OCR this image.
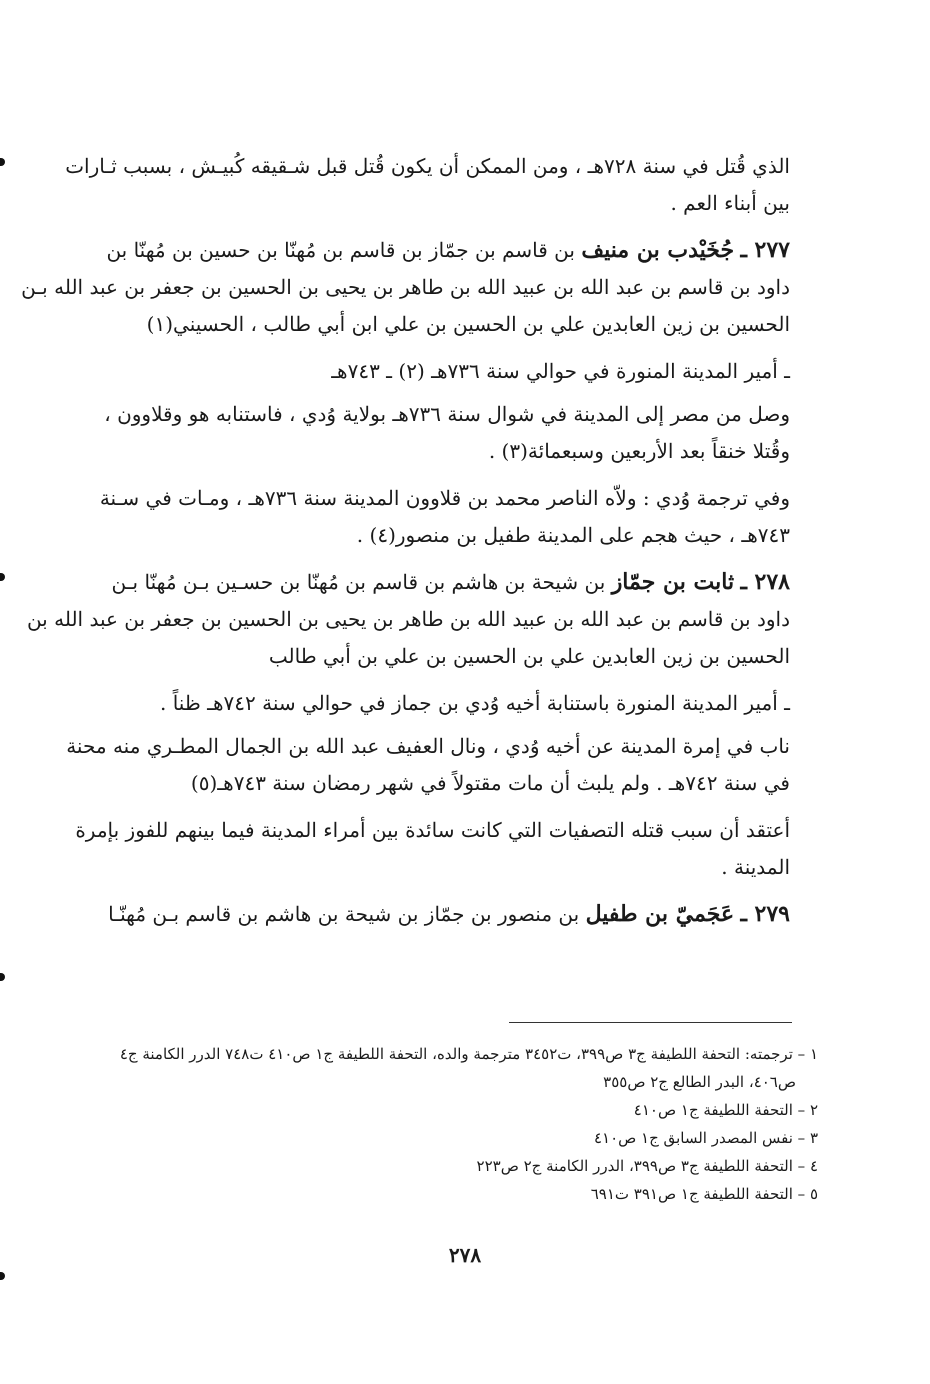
الذي قُتل في سنة ٧٢٨هـ ، ومن الممكن أن يكون قُتل قبل شـقيقه كُبيـش ، بسبب ثـارات
بين أبناء العم .
٢٧٧ ـ جُخَيْدب بن منيف بن قاسم بن جمّاز بن قاسم بن مُهنّا بن حسين بن مُهنّا بن
داود بن قاسم بن عبد الله بن عبيد الله بن طاهر بن يحيى بن الحسين بن جعفر بن عبد الله بـن
الحسين بن زين العابدين علي بن الحسين بن علي ابن أبي طالب ، الحسيني(١)
ـ أمير المدينة المنورة في حوالي سنة ٧٣٦هـ (٢) ـ ٧٤٣هـ
وصل من مصر إلى المدينة في شوال سنة ٧٣٦هـ بولاية وُدي ، فاستنابه هو وقلاوون ،
وقُتلا خنقاً بعد الأربعين وسبعمائة(٣) .
وفي ترجمة وُدي : ولاّه الناصر محمد بن قلاوون المدينة سنة ٧٣٦هـ ، ومـات في سـنة
٧٤٣هـ ، حيث هجم على المدينة طفيل بن منصور(٤) .
٢٧٨ ـ ثابت بن جمّاز بن شيحة بن هاشم بن قاسم بن مُهنّا بن حسـين بـن مُهنّا بـن
داود بن قاسم بن عبد الله بن عبيد الله بن طاهر بن يحيى بن الحسين بن جعفر بن عبد الله بن
الحسين بن زين العابدين علي بن الحسين بن علي بن أبي طالب
ـ أمير المدينة المنورة باستنابة أخيه وُدي بن جماز في حوالي سنة ٧٤٢هـ ظناً .
ناب في إمرة المدينة عن أخيه وُدي ، ونال العفيف عبد الله بن الجمال المطـري منه محنة
في سنة ٧٤٢هـ . ولم يلبث أن مات مقتولاً في شهر رمضان سنة ٧٤٣هـ(٥)
أعتقد أن سبب قتله التصفيات التي كانت سائدة بين أمراء المدينة فيما بينهم للفوز بإمرة
المدينة .
٢٧٩ ـ عَجَميّ بن طفيل بن منصور بن جمّاز بن شيحة بن هاشم بن قاسم بـن مُهنّـا
١ – ترجمته: التحفة اللطيفة ج٣ ص٣٩٩، ت٣٤٥٢ مترجمة والده، التحفة اللطيفة ج١ ص٤١٠ ت٧٤٨ الدرر الكامنة ج٤
ص٤٠٦، البدر الطالع ج٢ ص٣٥٥
٢ – التحفة اللطيفة ج١ ص٤١٠
٣ – نفس المصدر السابق ج١ ص٤١٠
٤ – التحفة اللطيفة ج٣ ص٣٩٩، الدرر الكامنة ج٢ ص٢٢٣
٥ – التحفة اللطيفة ج١ ص٣٩١ ت٦٩١
٢٧٨
